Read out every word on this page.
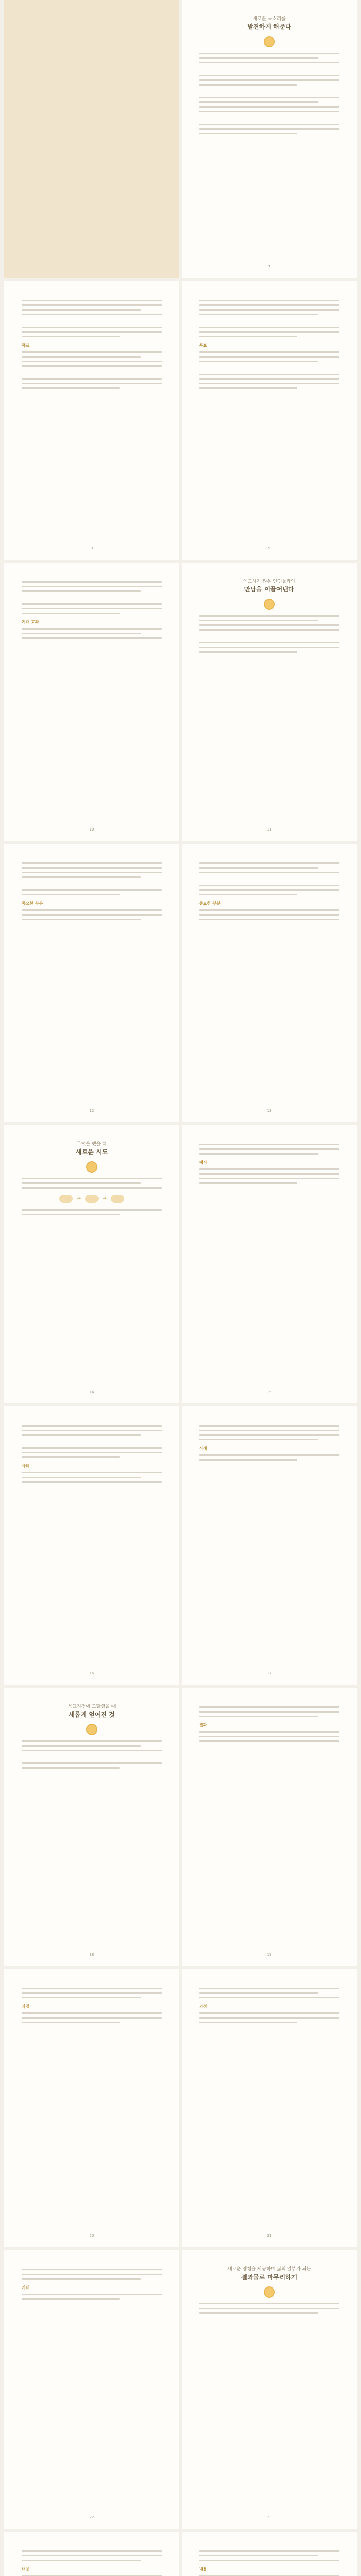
새로운 목소리를
발견하게 해준다
7
목표
8
목표
9
기대 효과
10
의도하지 않은 인연들과의
만남을 이끌어낸다
11
중요한 부분
12
중요한 부분
13
무엇을 했을 때
새로운 시도
→	→
14
예시
15
사례
16
사례
17
목표지점에 도달했을 때
새롭게 얻어진 것
18
결과
19
과정
20
과정
21
기대
22
새로운 경험을 제공하며 삶의 일부가 되는
결과물로 마무리하기
23
내용	내용
